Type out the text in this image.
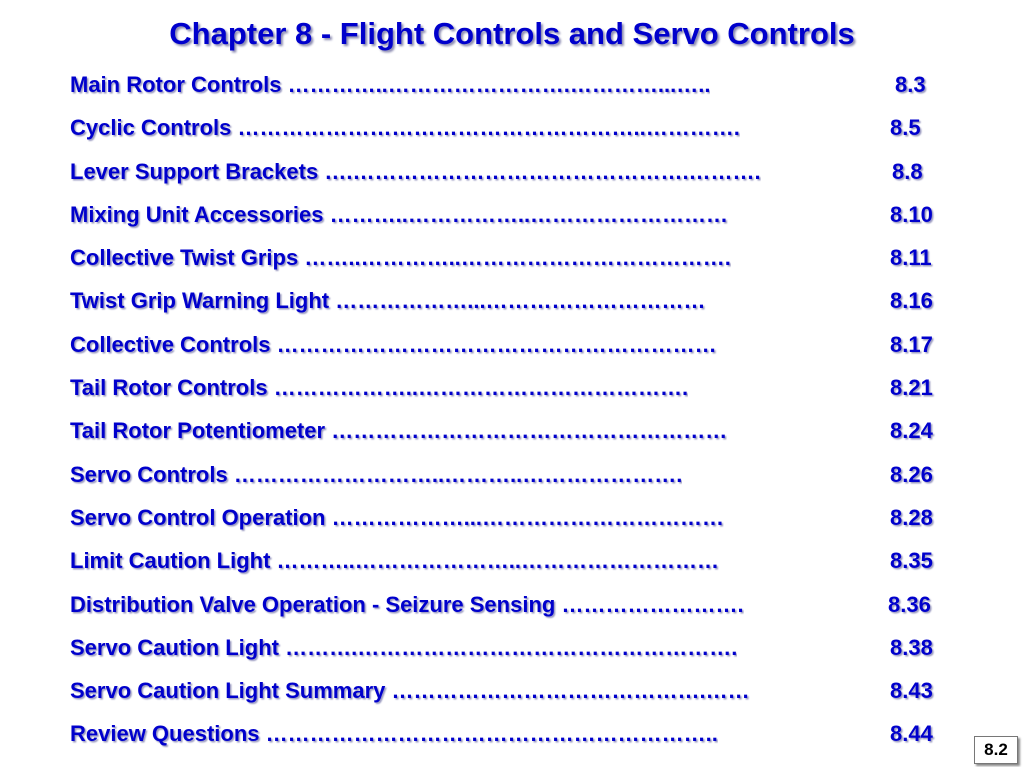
Chapter 8 - Flight Controls and Servo Controls
Main Rotor Controls …………..…………………….…………...…..	8.3
Cyclic Controls ………………………………………………..………….	8.5
Lever Support Brackets ….……………………………………….……….	8.8
Mixing Unit Accessories ………..……………..………………………	8.10
Collective Twist Grips ……..…………..……………………………….	8.11
Twist Grip Warning Light ………………...…………………………	8.16
Collective Controls ……………………………………………………	8.17
Tail Rotor Controls ………………..……………………………….	8.21
Tail Rotor Potentiometer ………………………………………………	8.24
Servo Controls ………………………..………..………………….	8.26
Servo Control Operation ………………...……………………………	8.28
Limit Caution Light ………..…………………..………………………	8.35
Distribution Valve Operation - Seizure Sensing …………………….	8.36
Servo Caution Light ……….…………………………………………….	8.38
Servo Caution Light Summary …………………………………….……	8.43
Review Questions ……………………………………………………..	8.44
8.2
